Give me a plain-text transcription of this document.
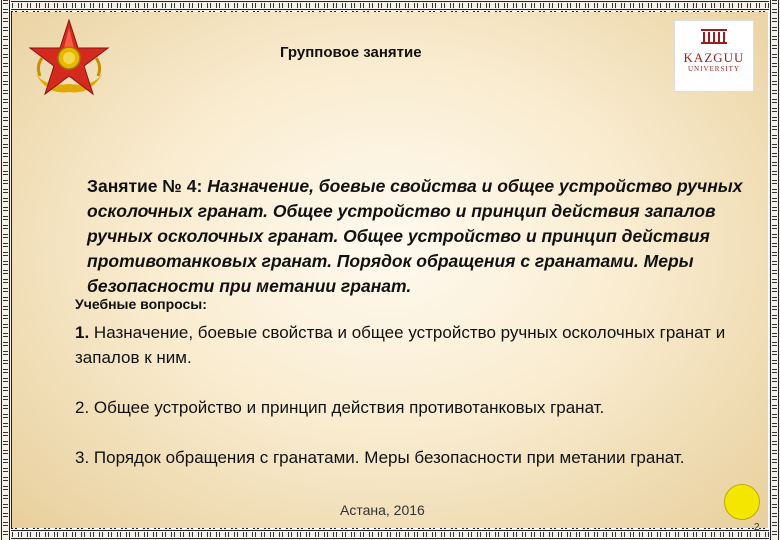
KAZGUU
UNIVERSITY
Групповое занятие
Занятие № 4: Назначение, боевые свойства и общее устройство ручных осколочных гранат. Общее устройство и принцип действия запалов ручных осколочных гранат. Общее устройство и принцип действия противотанковых гранат. Порядок обращения с гранатами. Меры безопасности при метании гранат.
Учебные вопросы:

1. Назначение, боевые свойства и общее устройство ручных осколочных гранат и запалов к ним.

2. Общее устройство и принцип действия противотанковых гранат.

3. Порядок обращения с гранатами. Меры безопасности при метании гранат.

Астана, 2016
2
